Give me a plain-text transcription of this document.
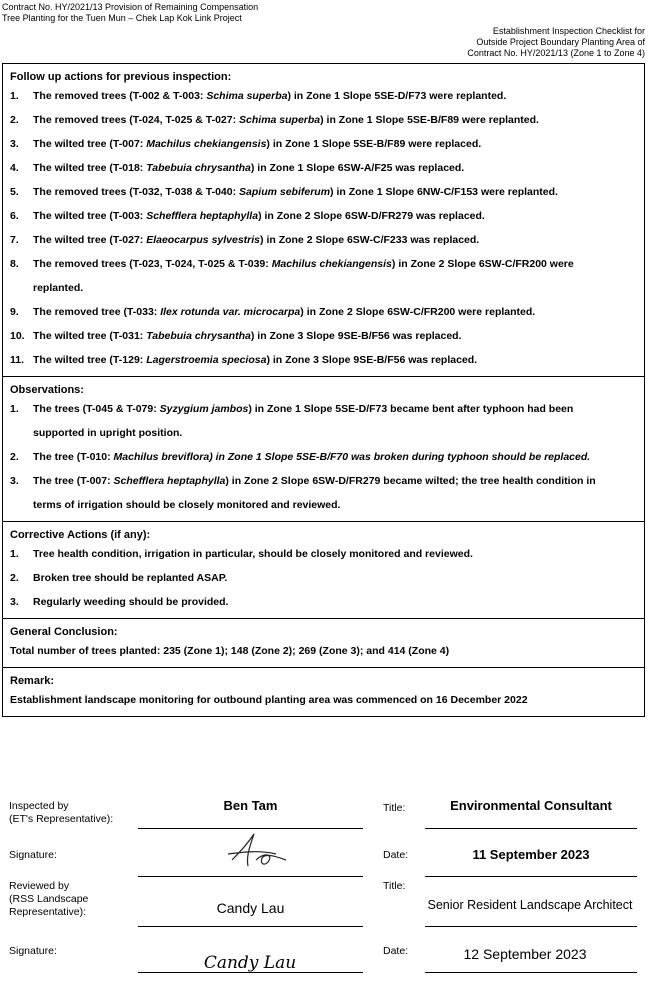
Contract No. HY/2021/13 Provision of Remaining Compensation
Tree Planting for the Tuen Mun – Chek Lap Kok Link Project
Establishment Inspection Checklist for
Outside Project Boundary Planting Area of
Contract No. HY/2021/13 (Zone 1 to Zone 4)
Follow up actions for previous inspection:
1. The removed trees (T-002 & T-003: Schima superba) in Zone 1 Slope 5SE-D/F73 were replanted.
2. The removed trees (T-024, T-025 & T-027: Schima superba) in Zone 1 Slope 5SE-B/F89 were replanted.
3. The wilted tree (T-007: Machilus chekiangensis) in Zone 1 Slope 5SE-B/F89 were replaced.
4. The wilted tree (T-018: Tabebuia chrysantha) in Zone 1 Slope 6SW-A/F25 was replaced.
5. The removed trees (T-032, T-038 & T-040: Sapium sebiferum) in Zone 1 Slope 6NW-C/F153 were replanted.
6. The wilted tree (T-003: Schefflera heptaphylla) in Zone 2 Slope 6SW-D/FR279 was replaced.
7. The wilted tree (T-027: Elaeocarpus sylvestris) in Zone 2 Slope 6SW-C/F233 was replaced.
8. The removed trees (T-023, T-024, T-025 & T-039: Machilus chekiangensis) in Zone 2 Slope 6SW-C/FR200 were
replanted.
9. The removed tree (T-033: Ilex rotunda var. microcarpa) in Zone 2 Slope 6SW-C/FR200 were replanted.
10. The wilted tree (T-031: Tabebuia chrysantha) in Zone 3 Slope 9SE-B/F56 was replaced.
11. The wilted tree (T-129: Lagerstroemia speciosa) in Zone 3 Slope 9SE-B/F56 was replaced.
Observations:
1. The trees (T-045 & T-079: Syzygium jambos) in Zone 1 Slope 5SE-D/F73 became bent after typhoon had been
supported in upright position.
2. The tree (T-010: Machilus breviflora) in Zone 1 Slope 5SE-B/F70 was broken during typhoon should be replaced.
3. The tree (T-007: Schefflera heptaphylla) in Zone 2 Slope 6SW-D/FR279 became wilted; the tree health condition in
terms of irrigation should be closely monitored and reviewed.
Corrective Actions (if any):
1. Tree health condition, irrigation in particular, should be closely monitored and reviewed.
2. Broken tree should be replanted ASAP.
3. Regularly weeding should be provided.
General Conclusion:
Total number of trees planted: 235 (Zone 1); 148 (Zone 2); 269 (Zone 3); and 414 (Zone 4)
Remark:
Establishment landscape monitoring for outbound planting area was commenced on 16 December 2022
Inspected by
(ET's Representative):
Ben Tam	Title:	Environmental Consultant
Signature:	Date:	11 September 2023
Reviewed by
(RSS Landscape
Representative):	Candy Lau
Title:
Senior Resident Landscape Architect
Signature:
Candy Lau
Date:	12 September 2023
